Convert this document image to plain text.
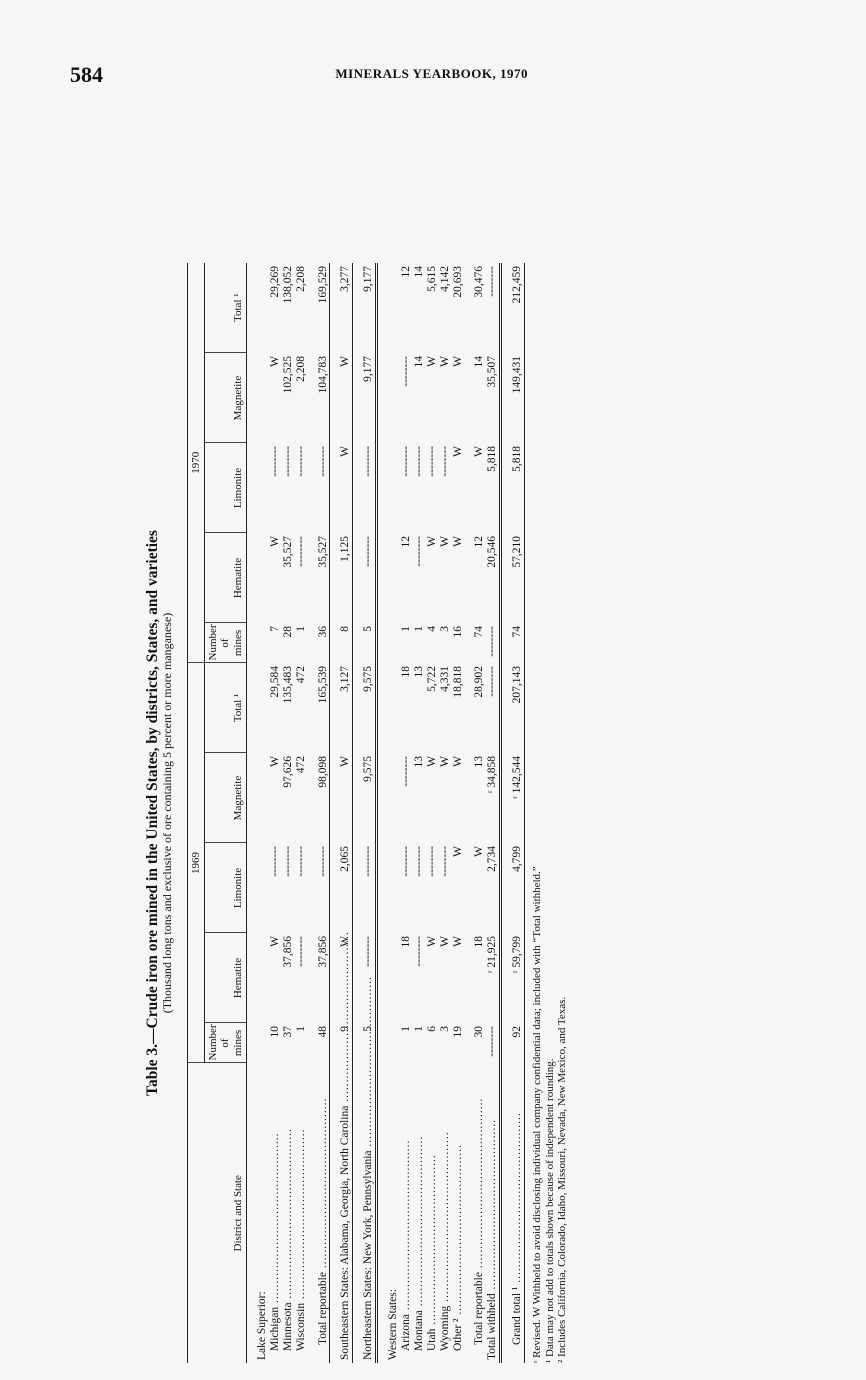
584	MINERALS YEARBOOK, 1970
Table 3.—Crude iron ore mined in the United States, by districts, States, and varieties (Thousand long tons and exclusive of ore containing 5 percent or more manganese)
District and State	1969					1970				
	Number of mines	Hematite	Limonite	Magnetite	Total ¹	Number of mines	Hematite	Limonite	Magnetite	Total ¹

Lake Superior:										
Michigan .....	10	W	--------	W	29,584	7	W	--------	W	29,269
Minnesota .....	37	37,856	--------	97,626	135,483	28	35,527	--------	102,525	138,052
Wisconsin .....	1	--------	--------	472	472	1	--------	--------	2,208	2,208

Total reportable .....	48	37,856	--------	98,098	165,539	36	35,527	--------	104,783	169,529

Southeastern States: Alabama, Georgia, North Carolina .....	9	W	2,065	W	3,127	8	1,125	W	W	3,277

Northeastern States: New York, Pennsylvania .....	5	--------	--------	9,575	9,575	5	--------	--------	9,177	9,177

Western States:										
Arizona .....	1	18	--------	--------	18	1	12	--------	--------	12
Montana .....	1	--------	--------	13	13	1	--------	--------	14	14
Utah .....	6	W	--------	W	5,722	4	W	--------	W	5,615
Wyoming .....	3	W	--------	W	4,331	3	W	--------	W	4,142
Other ² .....	19	W	W	W	18,818	16	W	W	W	20,693

Total reportable .....	30	18	W	13	28,902	74	12	W	14	30,476
Total withheld .....	--------	ʳ 21,925	2,734	ʳ 34,858	--------	--------	20,546	5,818	35,507	--------

Grand total ¹ .....	92	ʳ 59,799	4,799	ʳ 142,544	207,143	74	57,210	5,818	149,431	212,459
ʳ Revised. W Withheld to avoid disclosing individual company confidential data; included with “Total withheld.” ¹ Data may not add to totals shown because of independent rounding. ² Includes California, Colorado, Idaho, Missouri, Nevada, New Mexico, and Texas.
